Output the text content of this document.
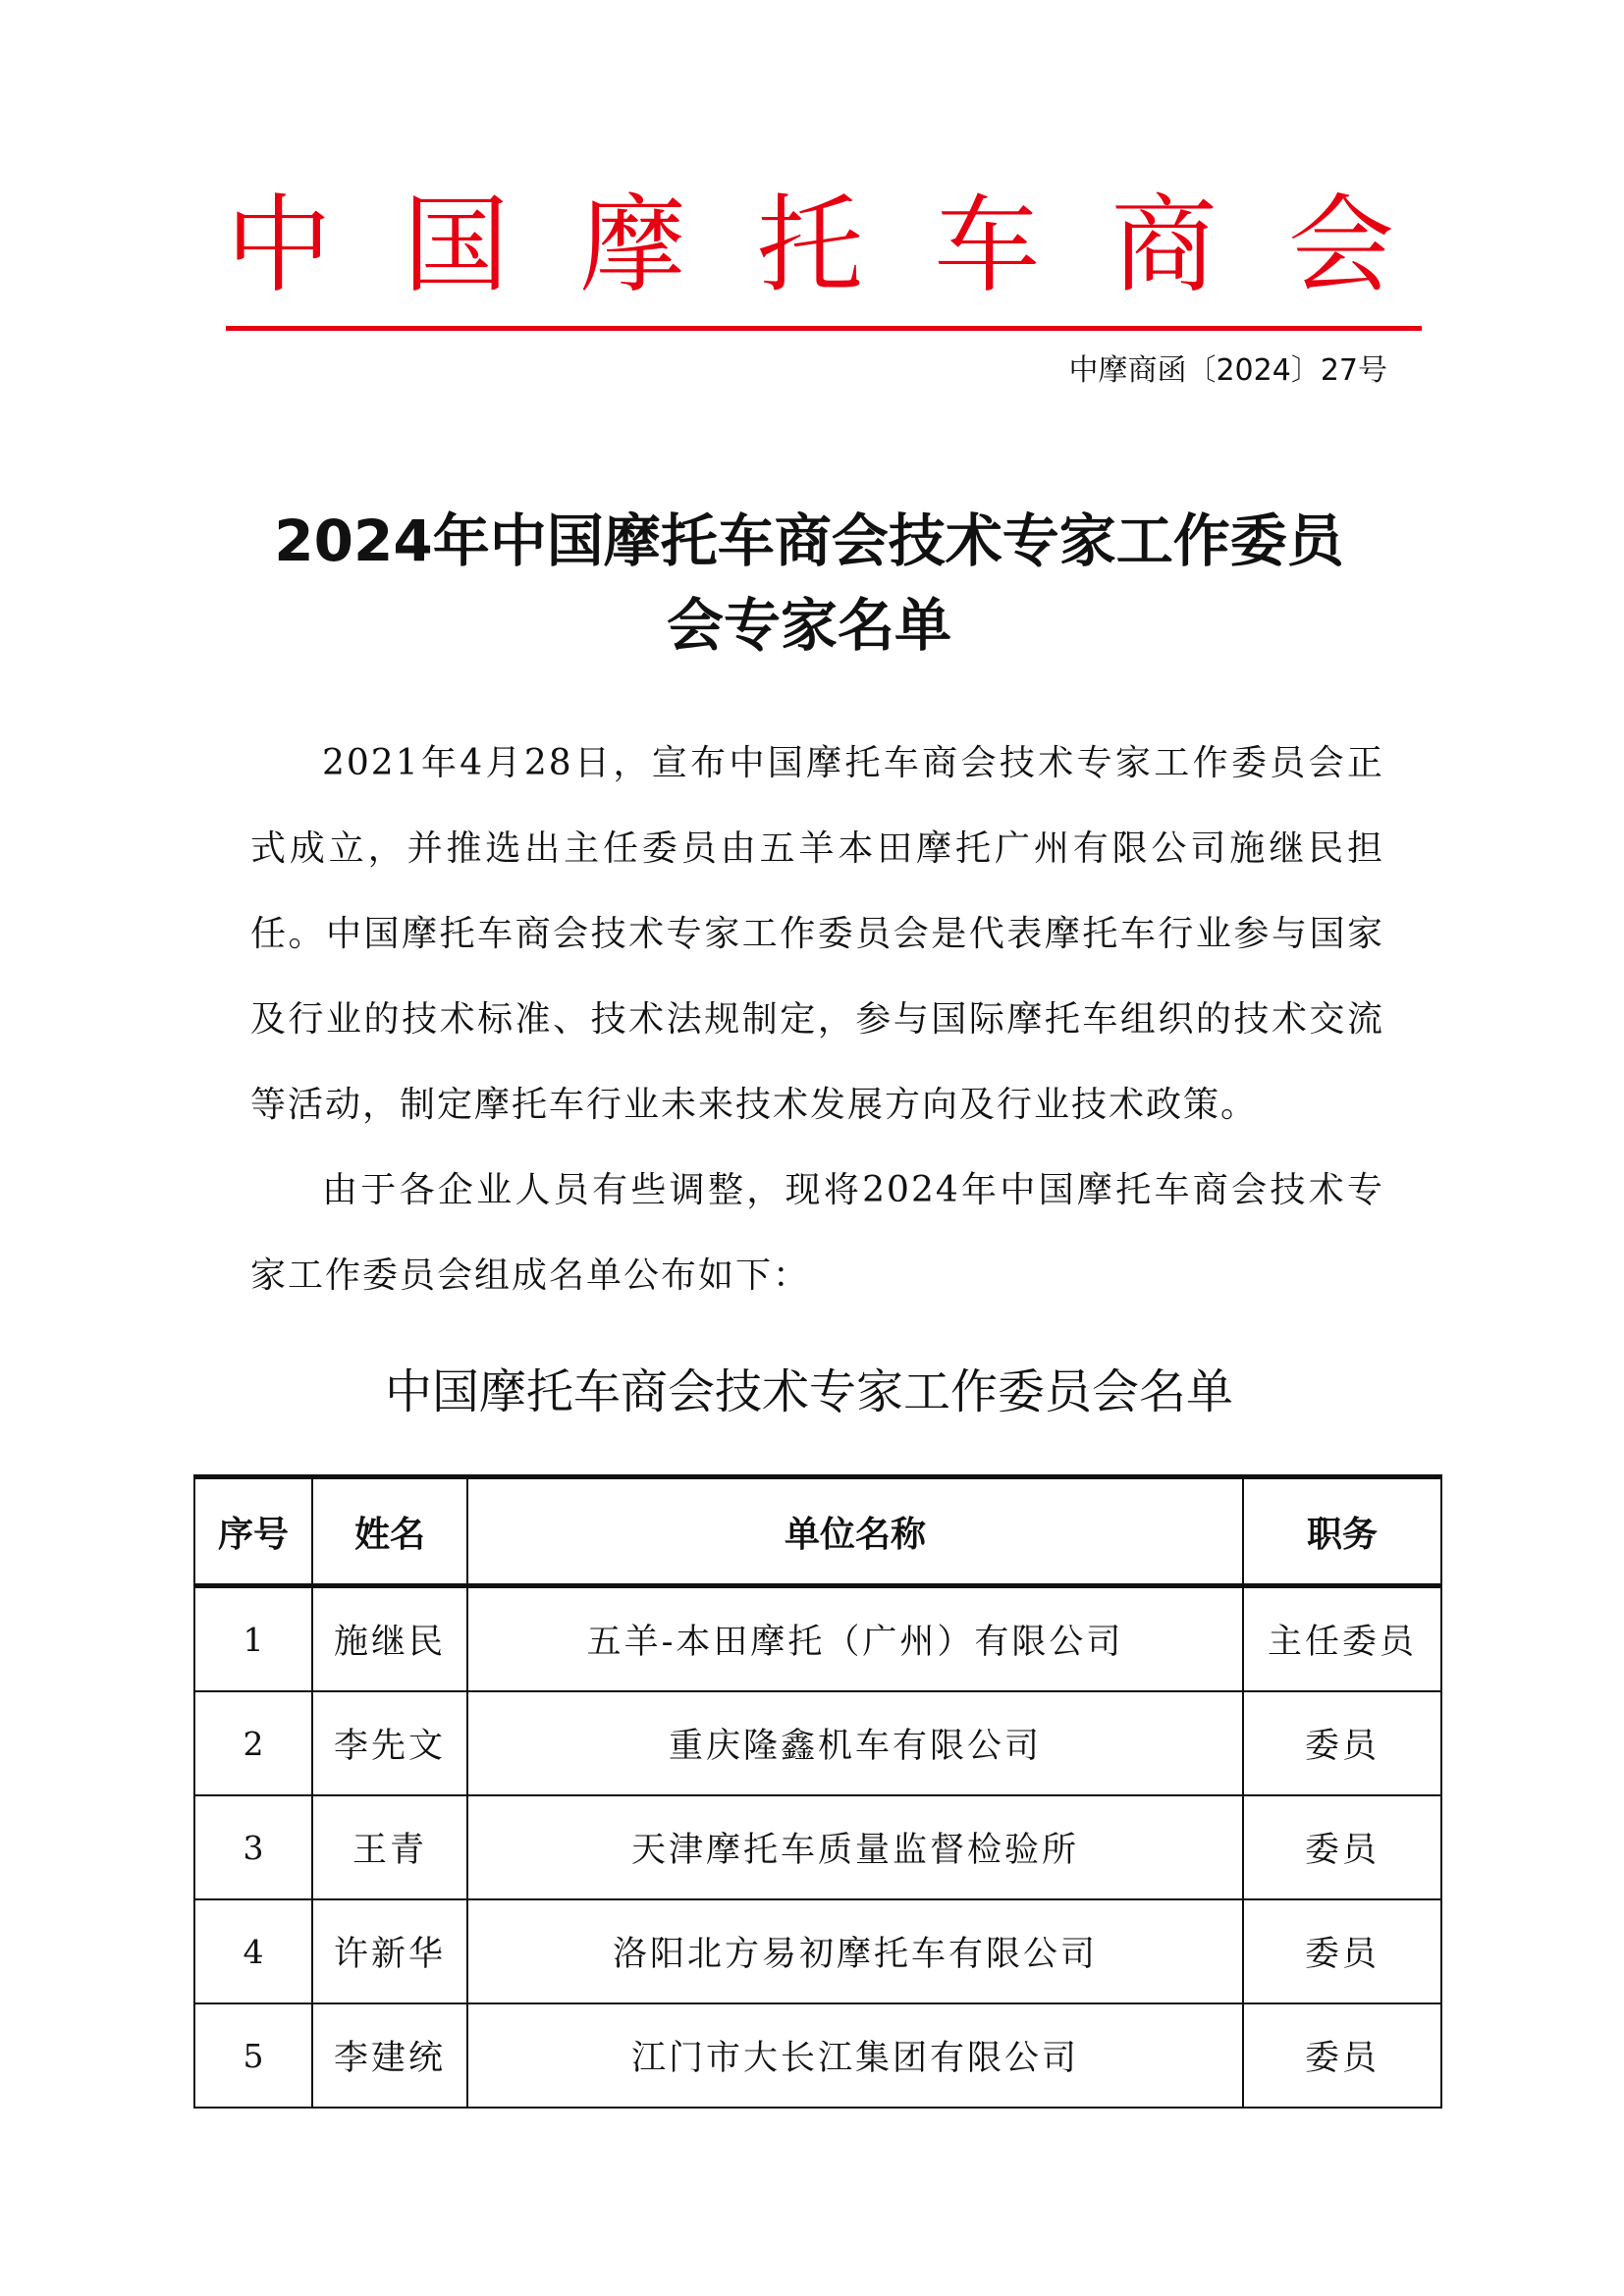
中 国 摩 托 车 商 会
中摩商函〔2024〕27号
2024年中国摩托车商会技术专家工作委员
会专家名单
2021年4月28日，宣布中国摩托车商会技术专家工作委员会正式成立，并推选出主任委员由五羊本田摩托广州有限公司施继民担任。中国摩托车商会技术专家工作委员会是代表摩托车行业参与国家及行业的技术标准、技术法规制定，参与国际摩托车组织的技术交流等活动，制定摩托车行业未来技术发展方向及行业技术政策。
由于各企业人员有些调整，现将2024年中国摩托车商会技术专家工作委员会组成名单公布如下：
中国摩托车商会技术专家工作委员会名单
序号	姓名	单位名称	职务
1	施继民	五羊-本田摩托（广州）有限公司	主任委员
2	李先文	重庆隆鑫机车有限公司	委员
3	王青	天津摩托车质量监督检验所	委员
4	许新华	洛阳北方易初摩托车有限公司	委员
5	李建统	江门市大长江集团有限公司	委员
